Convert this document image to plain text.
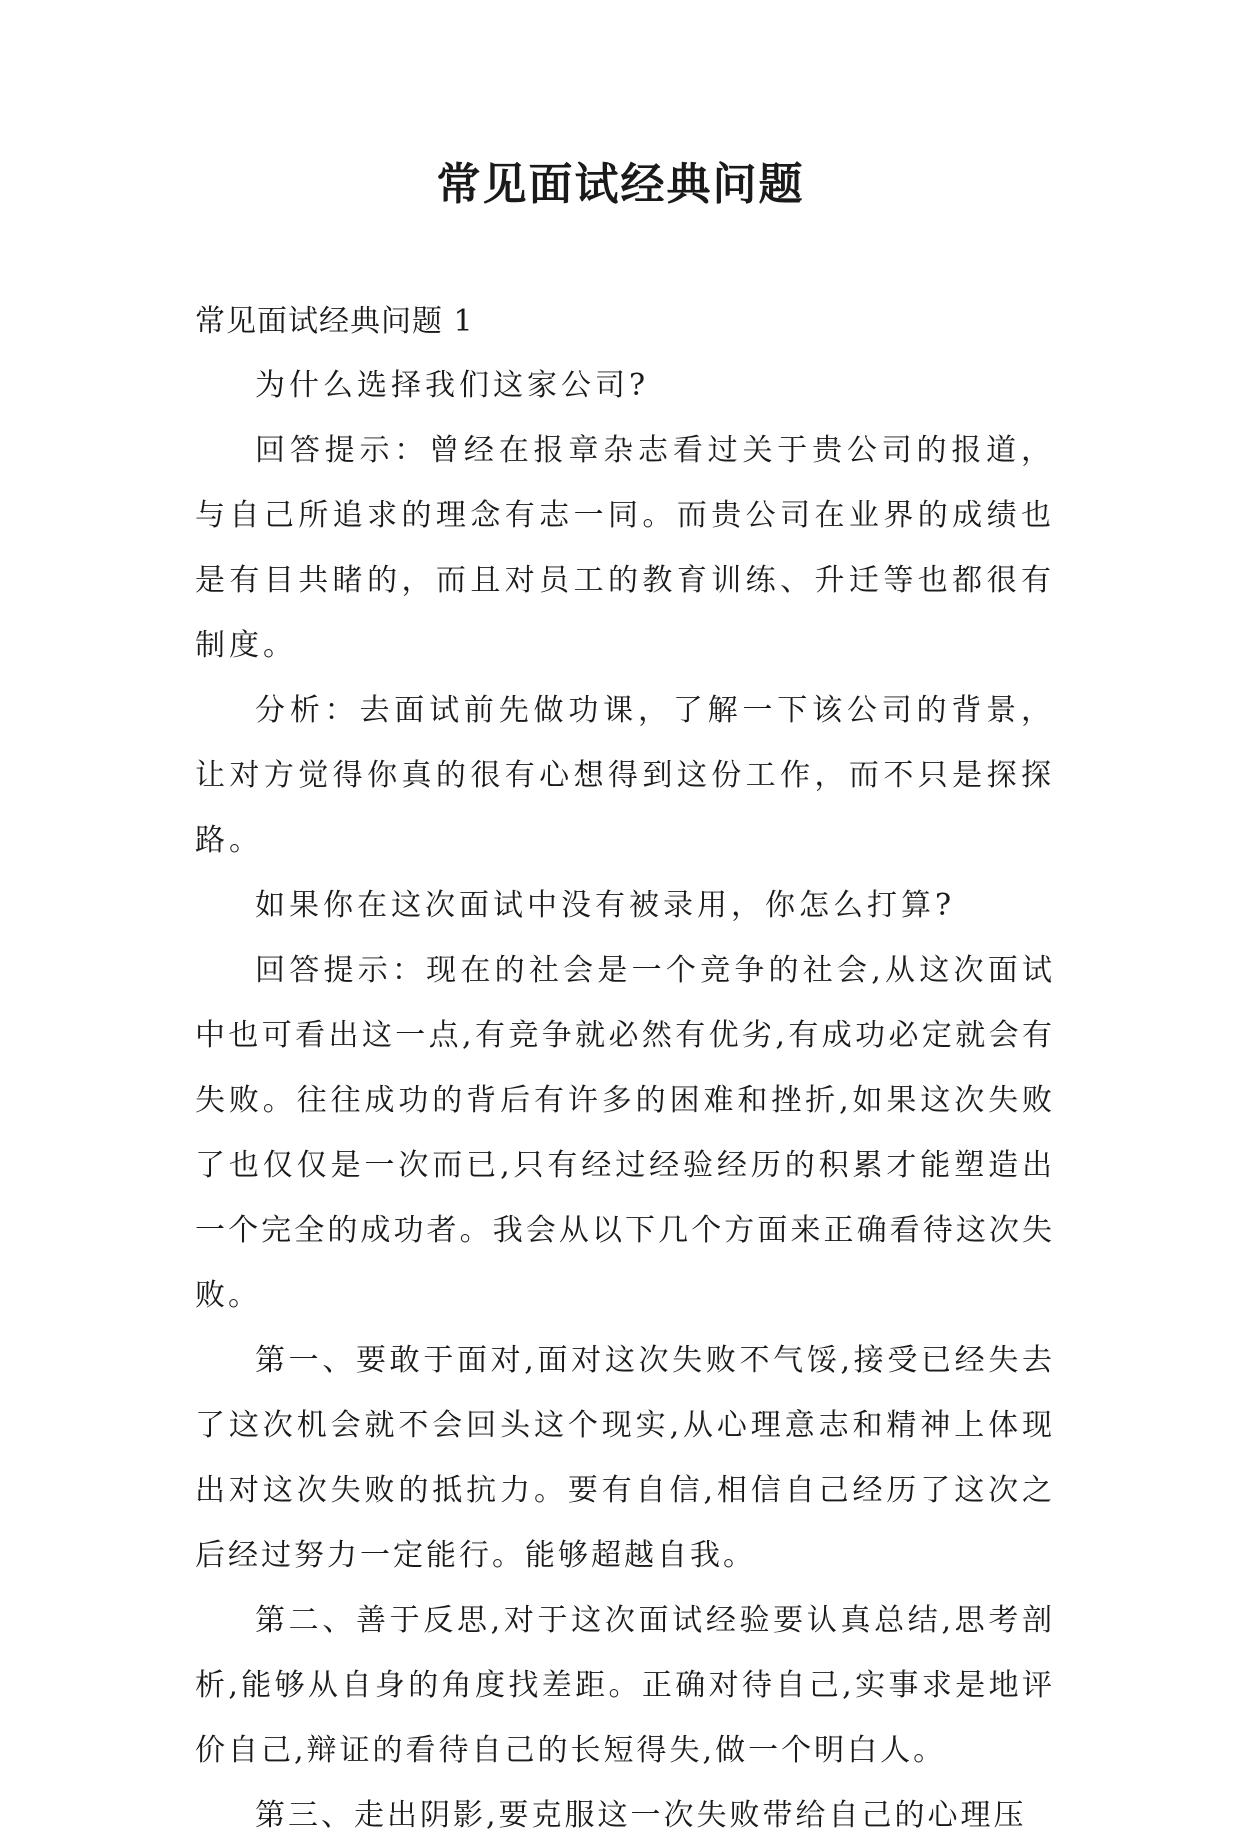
常见面试经典问题

常见面试经典问题 1

为什么选择我们这家公司?

回答提示：曾经在报章杂志看过关于贵公司的报道，与自己所追求的理念有志一同。而贵公司在业界的成绩也是有目共睹的，而且对员工的教育训练、升迁等也都很有制度。

分析：去面试前先做功课，了解一下该公司的背景，让对方觉得你真的很有心想得到这份工作，而不只是探探路。

如果你在这次面试中没有被录用，你怎么打算?

回答提示：现在的社会是一个竞争的社会,从这次面试中也可看出这一点,有竞争就必然有优劣,有成功必定就会有失败。往往成功的背后有许多的困难和挫折,如果这次失败了也仅仅是一次而已,只有经过经验经历的积累才能塑造出一个完全的成功者。我会从以下几个方面来正确看待这次失败。

第一、要敢于面对,面对这次失败不气馁,接受已经失去了这次机会就不会回头这个现实,从心理意志和精神上体现出对这次失败的抵抗力。要有自信,相信自己经历了这次之后经过努力一定能行。能够超越自我。

第二、善于反思,对于这次面试经验要认真总结,思考剖析,能够从自身的角度找差距。正确对待自己,实事求是地评价自己,辩证的看待自己的长短得失,做一个明白人。

第三、走出阴影,要克服这一次失败带给自己的心理压
